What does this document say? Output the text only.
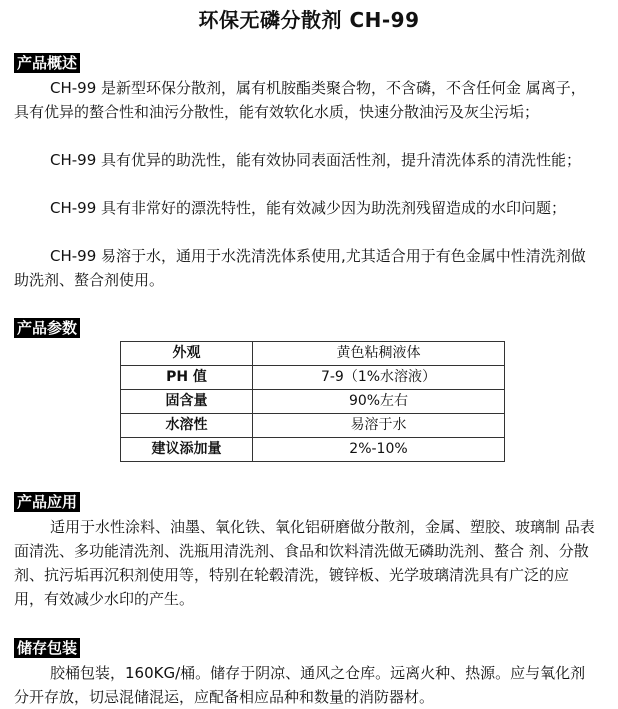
环保无磷分散剂 CH-99
产品概述

CH-99 是新型环保分散剂，属有机胺酯类聚合物，不含磷，不含任何金 属离子，具有优异的螯合性和油污分散性，能有效软化水质，快速分散油污及灰尘污垢；

CH-99 具有优异的助洗性，能有效协同表面活性剂，提升清洗体系的清洗性能；

CH-99 具有非常好的漂洗特性，能有效减少因为助洗剂残留造成的水印问题；

CH-99 易溶于水，通用于水洗清洗体系使用,尤其适合用于有色金属中性清洗剂做助洗剂、螯合剂使用。

产品参数
外观	黄色粘稠液体
PH 值	7-9（1%水溶液）
固含量	90%左右
水溶性	易溶于水
建议添加量	2%-10%
产品应用

适用于水性涂料、油墨、氧化铁、氧化铝研磨做分散剂，金属、塑胶、玻璃制 品表面清洗、多功能清洗剂、洗瓶用清洗剂、食品和饮料清洗做无磷助洗剂、螯合 剂、分散剂、抗污垢再沉积剂使用等，特别在轮毂清洗，镀锌板、光学玻璃清洗具有广泛的应用，有效减少水印的产生。

储存包装

胶桶包装，160KG/桶。储存于阴凉、通风之仓库。远离火种、热源。应与氧化剂分开存放，切忌混储混运，应配备相应品种和数量的消防器材。
